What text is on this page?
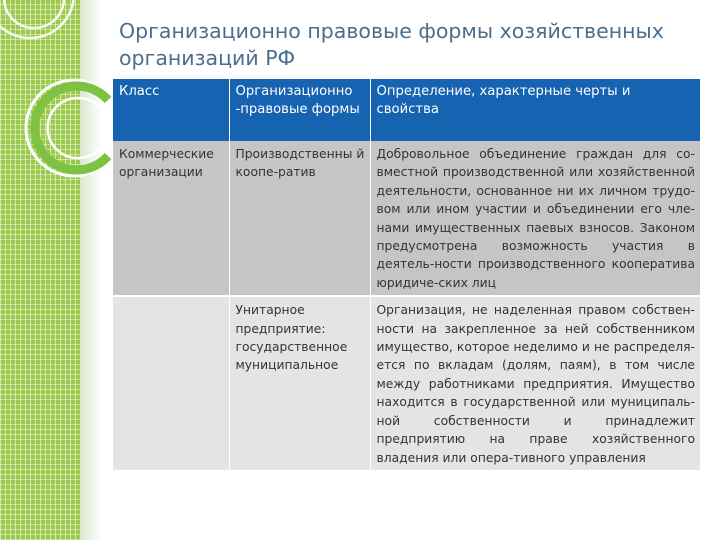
Организационно правовые формы хозяйственных организаций РФ
Класс	Организационно -правовые формы	Определение, характерные черты и свойства
Коммерческие организации	Производственны й коопе-ратив	Добровольное объединение граждан для со-вместной производственной или хозяйственной деятельности, основанное ни их личном трудо-вом или ином участии и объединении его чле-нами имущественных паевых взносов. Законом предусмотрена возможность участия в деятель-ности производственного кооператива юридиче-ских лиц
	Унитарное предприятие: государственное муниципальное	Организация, не наделенная правом собствен-ности на закрепленное за ней собственником имущество, которое неделимо и не распределя-ется по вкладам (долям, паям), в том числе между работниками предприятия. Имущество находится в государственной или муниципаль-ной собственности и принадлежит предприятию на праве хозяйственного владения или опера-тивного управления
